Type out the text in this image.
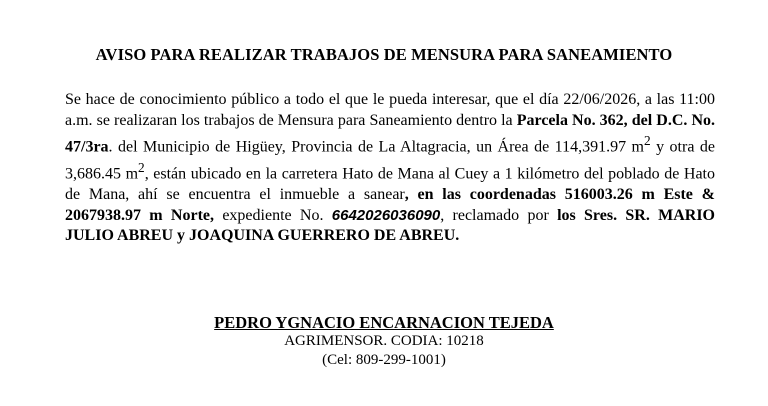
AVISO PARA REALIZAR TRABAJOS DE MENSURA PARA SANEAMIENTO
Se hace de conocimiento público a todo el que le pueda interesar, que el día 22/06/2026, a las 11:00 a.m. se realizaran los trabajos de Mensura para Saneamiento dentro la Parcela No. 362, del D.C. No. 47/3ra. del Municipio de Higüey, Provincia de La Altagracia, un Área de 114,391.97 $m^2$ y otra de 3,686.45 $m^2$, están ubicado en la carretera Hato de Mana al Cuey a 1 kilómetro del poblado de Hato de Mana, ahí se encuentra el inmueble a sanear, en las coordenadas 516003.26 m Este & 2067938.97 m Norte, expediente No. 6642026036090, reclamado por los Sres. SR. MARIO JULIO ABREU y JOAQUINA GUERRERO DE ABREU.
PEDRO YGNACIO ENCARNACION TEJEDA
AGRIMENSOR. CODIA: 10218
(Cel: 809-299-1001)
